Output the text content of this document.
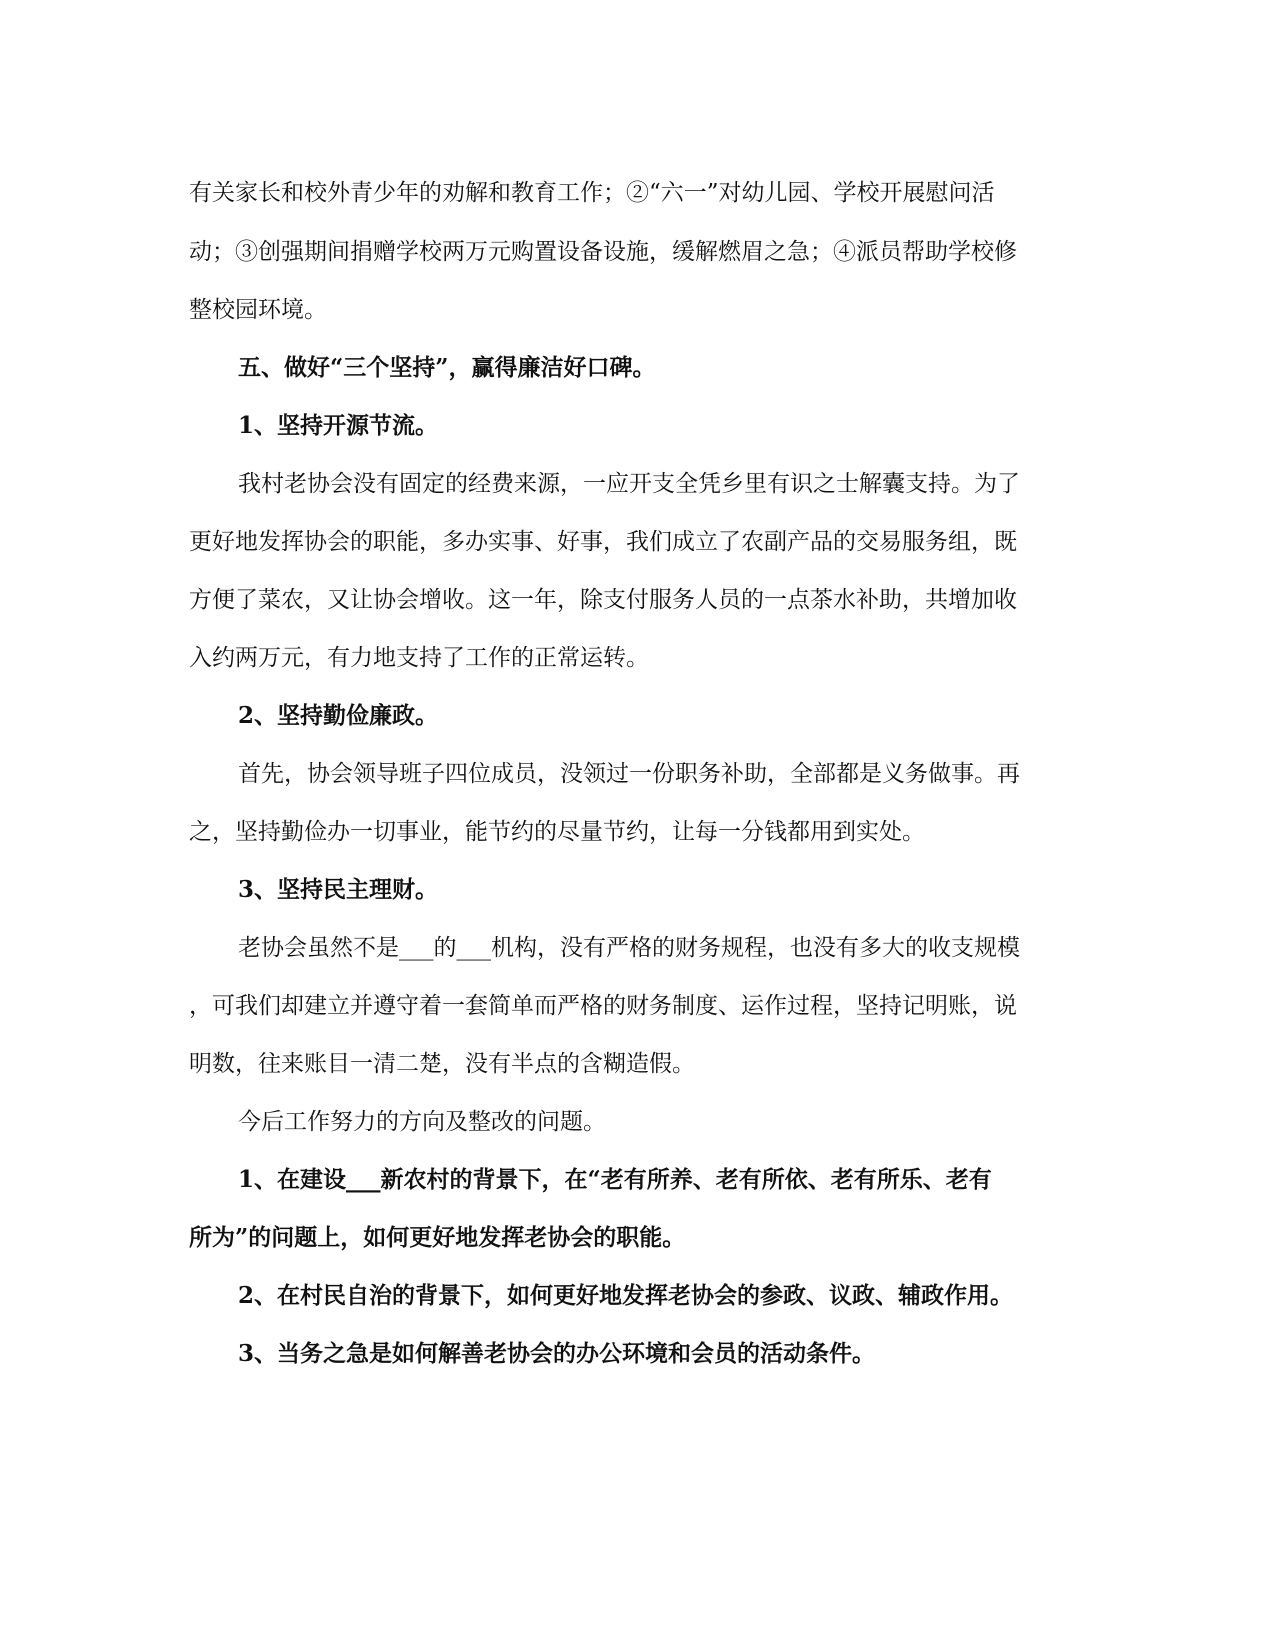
有关家长和校外青少年的劝解和教育工作；②“六一”对幼儿园、学校开展慰问活
动；③创强期间捐赠学校两万元购置设备设施，缓解燃眉之急；④派员帮助学校修
整校园环境。
五、做好“三个坚持”，赢得廉洁好口碑。
1、坚持开源节流。
我村老协会没有固定的经费来源，一应开支全凭乡里有识之士解囊支持。为了
更好地发挥协会的职能，多办实事、好事，我们成立了农副产品的交易服务组，既
方便了菜农，又让协会增收。这一年，除支付服务人员的一点茶水补助，共增加收
入约两万元，有力地支持了工作的正常运转。
2、坚持勤俭廉政。
首先，协会领导班子四位成员，没领过一份职务补助，全部都是义务做事。再
之，坚持勤俭办一切事业，能节约的尽量节约，让每一分钱都用到实处。
3、坚持民主理财。
老协会虽然不是___的___机构，没有严格的财务规程，也没有多大的收支规模
，可我们却建立并遵守着一套简单而严格的财务制度、运作过程，坚持记明账，说
明数，往来账目一清二楚，没有半点的含糊造假。
今后工作努力的方向及整改的问题。
1、在建设___新农村的背景下，在“老有所养、老有所依、老有所乐、老有
所为”的问题上，如何更好地发挥老协会的职能。
2、在村民自治的背景下，如何更好地发挥老协会的参政、议政、辅政作用。
3、当务之急是如何解善老协会的办公环境和会员的活动条件。
